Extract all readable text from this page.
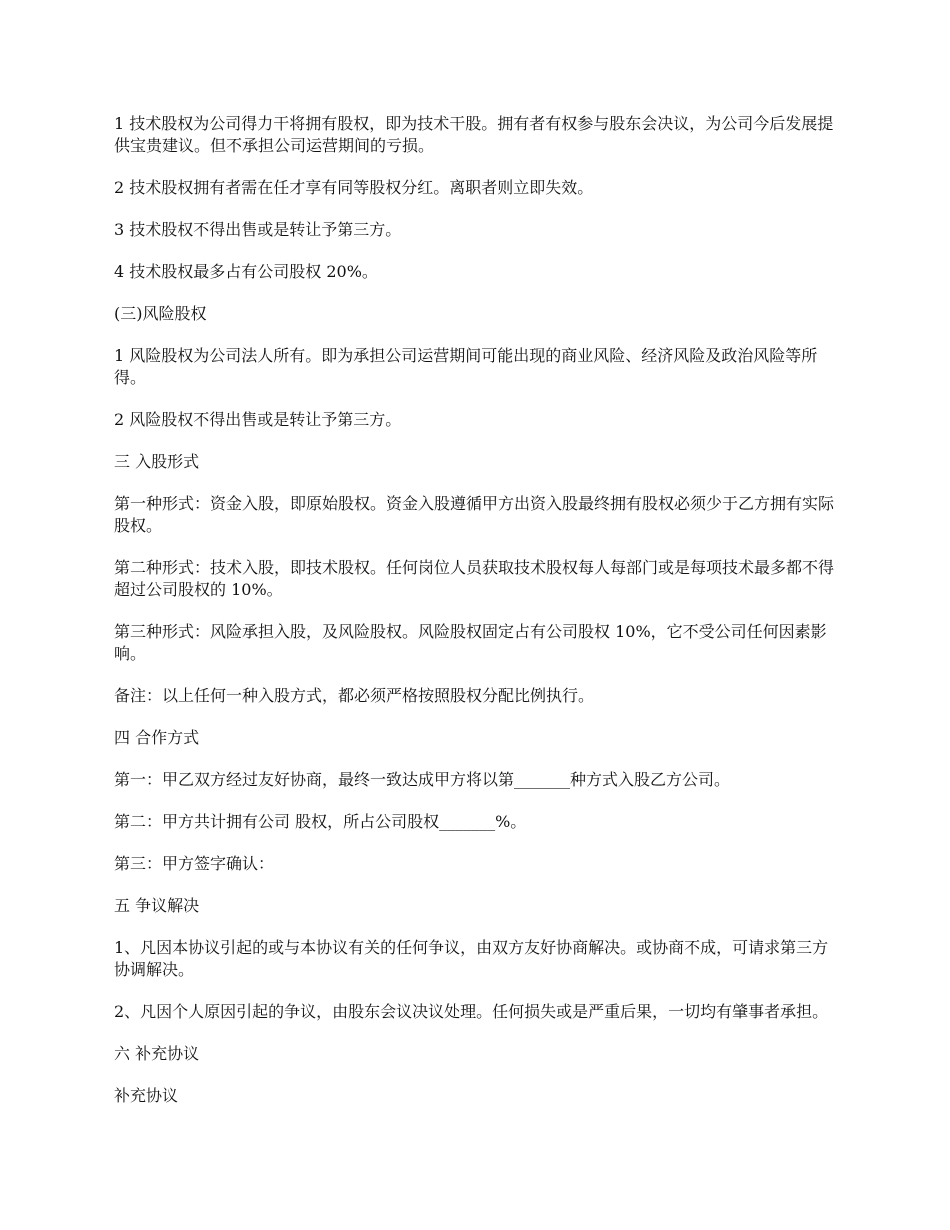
1 技术股权为公司得力干将拥有股权，即为技术干股。拥有者有权参与股东会决议，为公司今后发展提供宝贵建议。但不承担公司运营期间的亏损。

2 技术股权拥有者需在任才享有同等股权分红。离职者则立即失效。

3 技术股权不得出售或是转让予第三方。

4 技术股权最多占有公司股权 20%。

(三)风险股权

1 风险股权为公司法人所有。即为承担公司运营期间可能出现的商业风险、经济风险及政治风险等所得。

2 风险股权不得出售或是转让予第三方。

三 入股形式

第一种形式：资金入股，即原始股权。资金入股遵循甲方出资入股最终拥有股权必须少于乙方拥有实际股权。

第二种形式：技术入股，即技术股权。任何岗位人员获取技术股权每人每部门或是每项技术最多都不得超过公司股权的 10%。

第三种形式：风险承担入股，及风险股权。风险股权固定占有公司股权 10%，它不受公司任何因素影响。

备注：以上任何一种入股方式，都必须严格按照股权分配比例执行。

四 合作方式

第一：甲乙双方经过友好协商，最终一致达成甲方将以第_______种方式入股乙方公司。

第二：甲方共计拥有公司 股权，所占公司股权_______%。

第三：甲方签字确认：

五 争议解决

1、凡因本协议引起的或与本协议有关的任何争议，由双方友好协商解决。或协商不成，可请求第三方协调解决。

2、凡因个人原因引起的争议，由股东会议决议处理。任何损失或是严重后果，一切均有肇事者承担。

六 补充协议

补充协议
